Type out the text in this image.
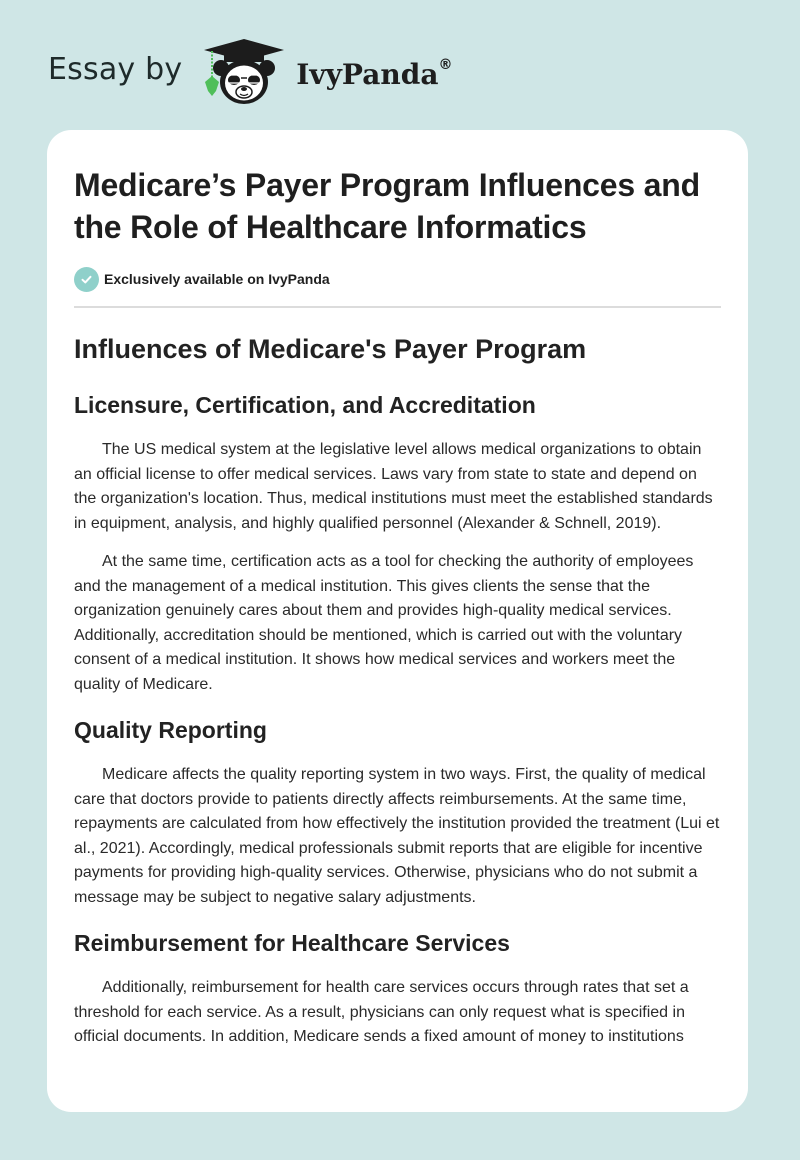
Essay by	IvyPanda®
Medicare’s Payer Program Influences and the Role of Healthcare Informatics
Exclusively available on IvyPanda
Influences of Medicare's Payer Program
Licensure, Certification, and Accreditation

The US medical system at the legislative level allows medical organizations to obtain an official license to offer medical services. Laws vary from state to state and depend on the organization's location. Thus, medical institutions must meet the established standards in equipment, analysis, and highly qualified personnel (Alexander & Schnell, 2019).

At the same time, certification acts as a tool for checking the authority of employees and the management of a medical institution. This gives clients the sense that the organization genuinely cares about them and provides high-quality medical services. Additionally, accreditation should be mentioned, which is carried out with the voluntary consent of a medical institution. It shows how medical services and workers meet the quality of Medicare.

Quality Reporting

Medicare affects the quality reporting system in two ways. First, the quality of medical care that doctors provide to patients directly affects reimbursements. At the same time, repayments are calculated from how effectively the institution provided the treatment (Lui et al., 2021). Accordingly, medical professionals submit reports that are eligible for incentive payments for providing high-quality services. Otherwise, physicians who do not submit a message may be subject to negative salary adjustments.

Reimbursement for Healthcare Services

Additionally, reimbursement for health care services occurs through rates that set a threshold for each service. As a result, physicians can only request what is specified in official documents. In addition, Medicare sends a fixed amount of money to institutions
